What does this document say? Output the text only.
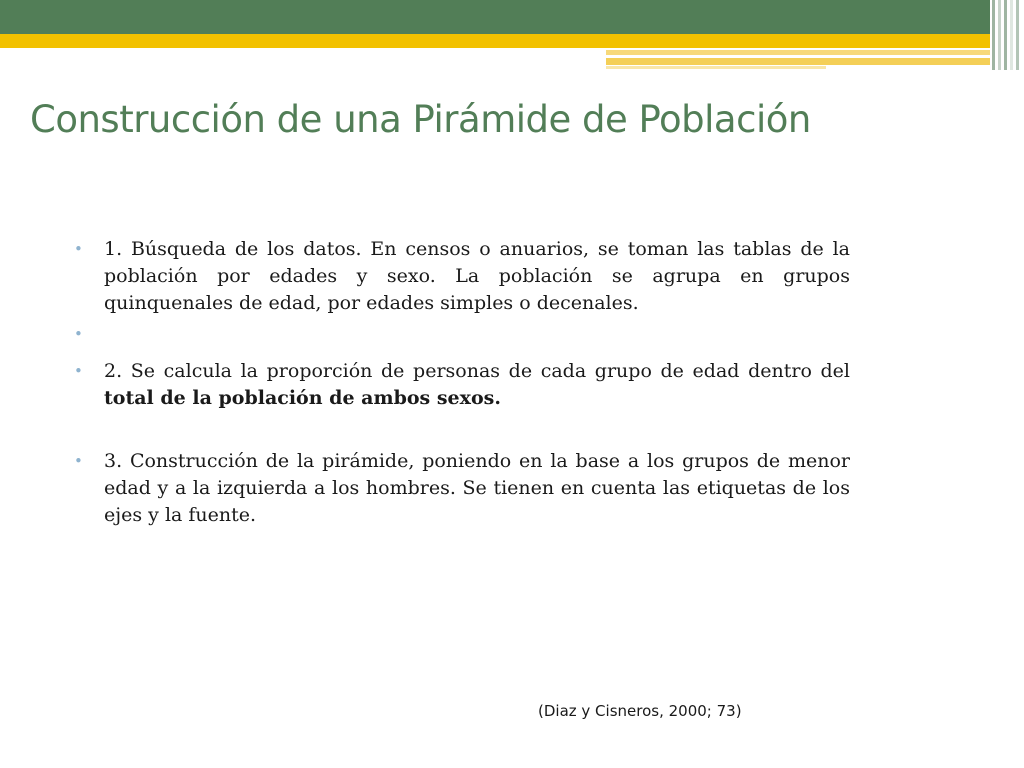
Construcción de una Pirámide de Población
• 1. Búsqueda de los datos. En censos o anuarios, se toman las tablas de la población por edades y sexo. La población se agrupa en grupos quinquenales de edad, por edades simples o decenales.
•
• 2. Se calcula la proporción de personas de cada grupo de edad dentro del total de la población de ambos sexos.
• 3. Construcción de la pirámide, poniendo en la base a los grupos de menor edad y a la izquierda a los hombres. Se tienen en cuenta las etiquetas de los ejes y la fuente.
(Diaz y Cisneros, 2000; 73)
